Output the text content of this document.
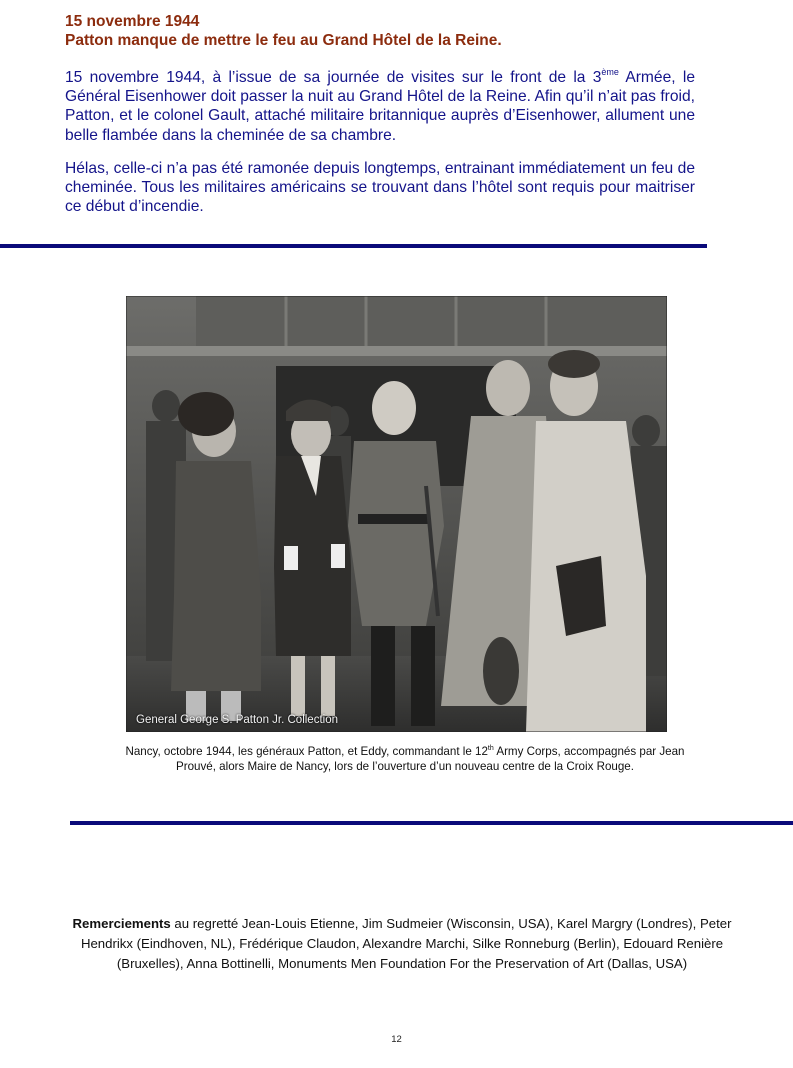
15 novembre 1944
Patton manque de mettre le feu au Grand Hôtel de la Reine.
15 novembre 1944, à l’issue de sa journée de visites sur le front de la 3ème Armée, le Général Eisenhower doit passer la nuit au Grand Hôtel de la Reine. Afin qu’il n’ait pas froid, Patton, et le colonel Gault, attaché militaire britannique auprès d’Eisenhower, allument une belle flambée dans la cheminée de sa chambre.
Hélas, celle-ci n’a pas été ramonée depuis longtemps, entrainant immédiatement un feu de cheminée. Tous les militaires américains se trouvant dans l’hôtel sont requis pour maitriser ce début d’incendie.
General George S. Patton Jr. Collection
Nancy, octobre 1944, les généraux Patton, et Eddy, commandant le 12th Army Corps, accompagnés par Jean Prouvé, alors Maire de Nancy, lors de l’ouverture d’un nouveau centre de la Croix Rouge.
Remerciements au regretté Jean-Louis Etienne, Jim Sudmeier (Wisconsin, USA), Karel Margry (Londres), Peter Hendrikx (Eindhoven, NL), Frédérique Claudon, Alexandre Marchi, Silke Ronneburg (Berlin), Edouard Renière (Bruxelles), Anna Bottinelli, Monuments Men Foundation For the Preservation of Art (Dallas, USA)
12
